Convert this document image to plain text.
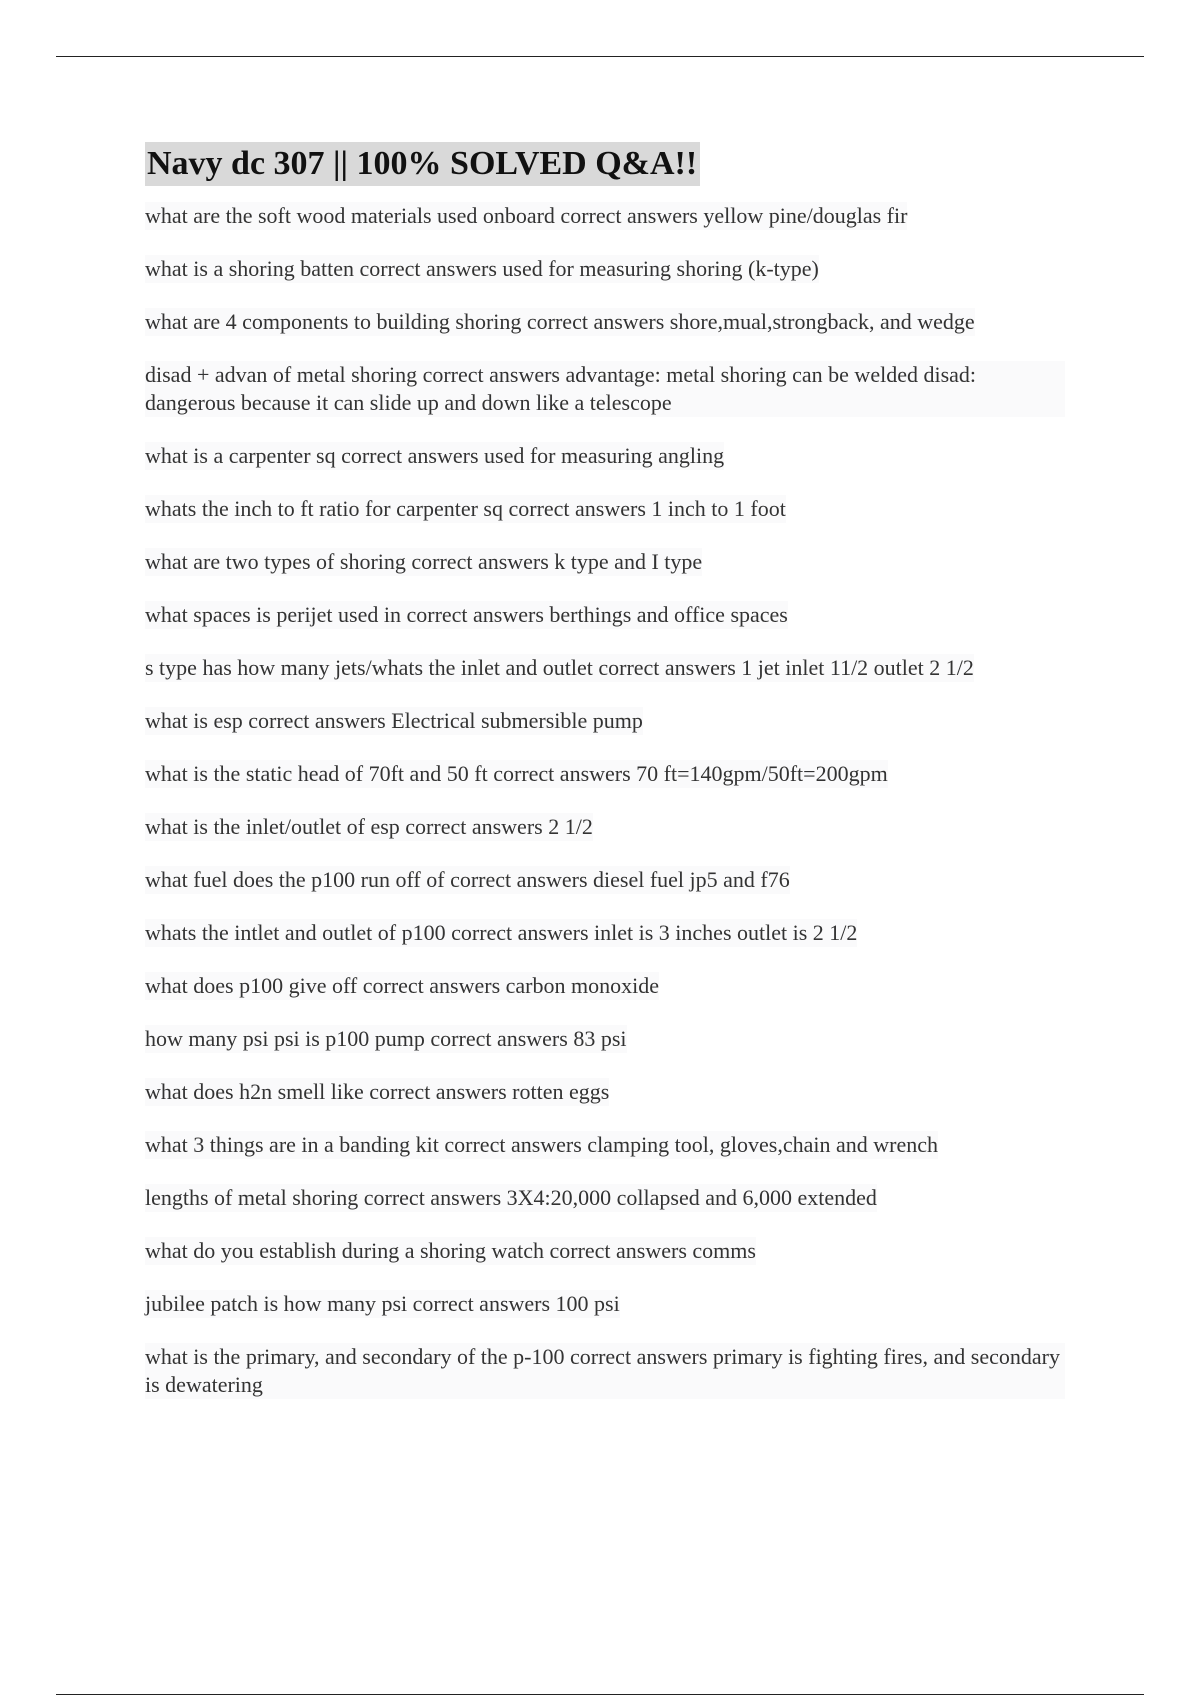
Navy dc 307 || 100% SOLVED Q&A!!

what are the soft wood materials used onboard correct answers yellow pine/douglas fir

what is a shoring batten correct answers used for measuring shoring (k-type)

what are 4 components to building shoring correct answers shore,mual,strongback, and wedge

disad + advan of metal shoring correct answers advantage: metal shoring can be welded disad: dangerous because it can slide up and down like a telescope

what is a carpenter sq correct answers used for measuring angling

whats the inch to ft ratio for carpenter sq correct answers 1 inch to 1 foot

what are two types of shoring correct answers k type and I type

what spaces is perijet used in correct answers berthings and office spaces

s type has how many jets/whats the inlet and outlet correct answers 1 jet inlet 11/2 outlet 2 1/2

what is esp correct answers Electrical submersible pump

what is the static head of 70ft and 50 ft correct answers 70 ft=140gpm/50ft=200gpm

what is the inlet/outlet of esp correct answers 2 1/2

what fuel does the p100 run off of correct answers diesel fuel jp5 and f76

whats the intlet and outlet of p100 correct answers inlet is 3 inches outlet is 2 1/2

what does p100 give off correct answers carbon monoxide

how many psi psi is p100 pump correct answers 83 psi

what does h2n smell like correct answers rotten eggs

what 3 things are in a banding kit correct answers clamping tool, gloves,chain and wrench

lengths of metal shoring correct answers 3X4:20,000 collapsed and 6,000 extended

what do you establish during a shoring watch correct answers comms

jubilee patch is how many psi correct answers 100 psi

what is the primary, and secondary of the p-100 correct answers primary is fighting fires, and secondary is dewatering
